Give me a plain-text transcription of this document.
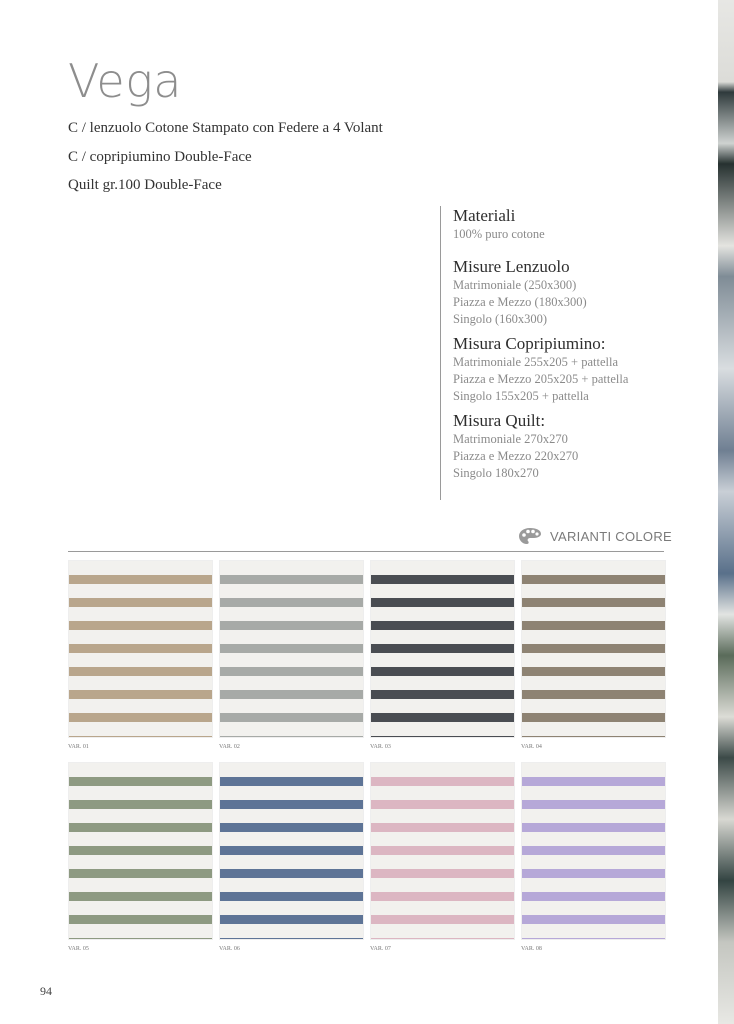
Vega
C / lenzuolo Cotone Stampato con Federe a 4 Volant
C / copripiumino Double-Face
Quilt gr.100 Double-Face
Materiali
100% puro cotone
Misure Lenzuolo
Matrimoniale (250x300)
Piazza e Mezzo (180x300)
Singolo (160x300)
Misura Copripiumino:
Matrimoniale 255x205 + pattella
Piazza e Mezzo 205x205 + pattella
Singolo 155x205 + pattella
Misura Quilt:
Matrimoniale 270x270
Piazza e Mezzo 220x270
Singolo 180x270
VARIANTI COLORE
VAR. 01	VAR. 02	VAR. 03	VAR. 04
VAR. 05	VAR. 06	VAR. 07	VAR. 08
94
